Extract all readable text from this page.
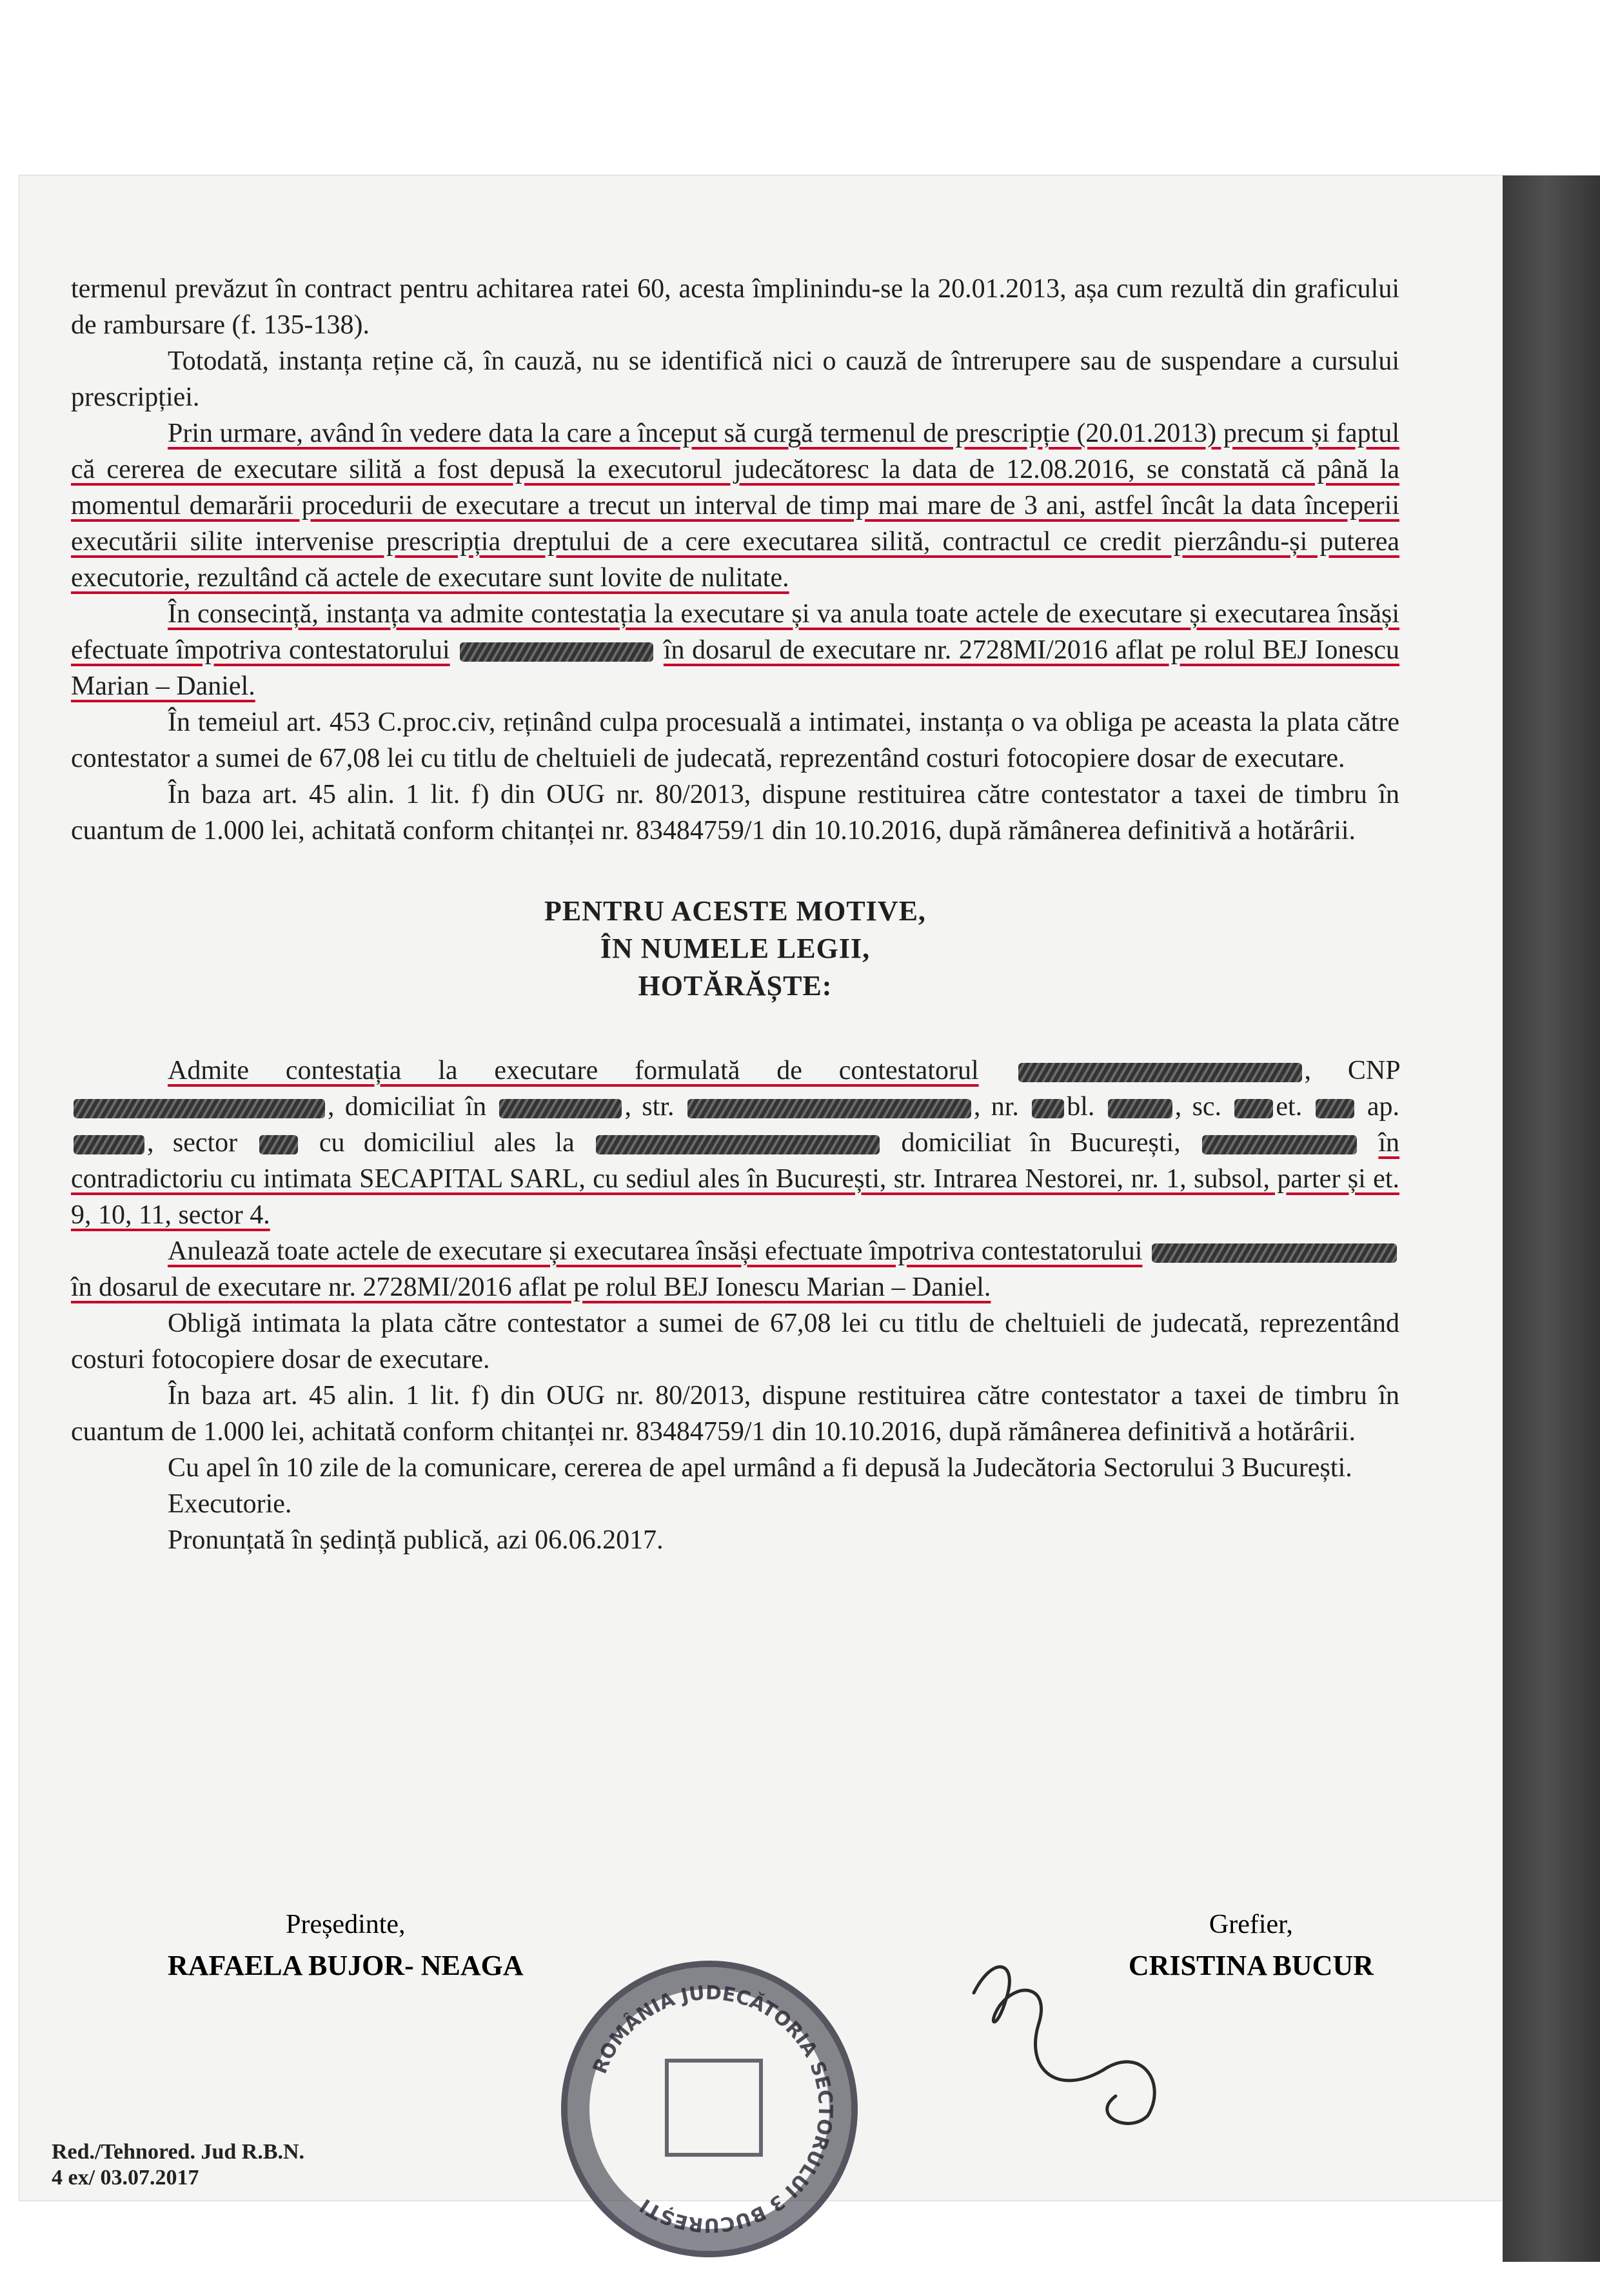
termenul prevăzut în contract pentru achitarea ratei 60, acesta împlinindu-se la 20.01.2013, așa cum rezultă din graficului de rambursare (f. 135-138).

Totodată, instanța reține că, în cauză, nu se identifică nici o cauză de întrerupere sau de suspendare a cursului prescripției.

Prin urmare, având în vedere data la care a început să curgă termenul de prescripție (20.01.2013) precum și faptul că cererea de executare silită a fost depusă la executorul judecătoresc la data de 12.08.2016, se constată că până la momentul demarării procedurii de executare a trecut un interval de timp mai mare de 3 ani, astfel încât la data începerii executării silite intervenise prescripția dreptului de a cere executarea silită, contractul ce credit pierzându-și puterea executorie, rezultând că actele de executare sunt lovite de nulitate.

În consecință, instanța va admite contestația la executare și va anula toate actele de executare și executarea însăși efectuate împotriva contestatorului	în dosarul de executare nr. 2728MI/2016 aflat pe rolul BEJ Ionescu Marian – Daniel.

În temeiul art. 453 C.proc.civ, reținând culpa procesuală a intimatei, instanța o va obliga pe aceasta la plata către contestator a sumei de 67,08 lei cu titlu de cheltuieli de judecată, reprezentând costuri fotocopiere dosar de executare.

În baza art. 45 alin. 1 lit. f) din OUG nr. 80/2013, dispune restituirea către contestator a taxei de timbru în cuantum de 1.000 lei, achitată conform chitanței nr. 83484759/1 din 10.10.2016, după rămânerea definitivă a hotărârii.

PENTRU ACESTE MOTIVE,
ÎN NUMELE LEGII,
HOTĂRĂȘTE:

Admite contestația la executare formulată de contestatorul	, CNP , domiciliat în	, str.	, nr. bl.	, sc. et. ap. , sector	cu domiciliul ales la	domiciliat în București,	în contradictoriu cu intimata SECAPITAL SARL, cu sediul ales în București, str. Intrarea Nestorei, nr. 1, subsol, parter și et. 9, 10, 11, sector 4.

Anulează toate actele de executare și executarea însăși efectuate împotriva contestatorului  în dosarul de executare nr. 2728MI/2016 aflat pe rolul BEJ Ionescu Marian – Daniel.

Obligă intimata la plata către contestator a sumei de 67,08 lei cu titlu de cheltuieli de judecată, reprezentând costuri fotocopiere dosar de executare.

În baza art. 45 alin. 1 lit. f) din OUG nr. 80/2013, dispune restituirea către contestator a taxei de timbru în cuantum de 1.000 lei, achitată conform chitanței nr. 83484759/1 din 10.10.2016, după rămânerea definitivă a hotărârii.

Cu apel în 10 zile de la comunicare, cererea de apel urmând a fi depusă la Judecătoria Sectorului 3 București.

Executorie.

Pronunțată în ședință publică, azi 06.06.2017.

Președinte,
RAFAELA BUJOR- NEAGA
Grefier,
CRISTINA BUCUR
ROMÂNIA JUDECĂTORIA SECTORULUI 3 BUCUREȘTI
Red./Tehnored. Jud R.B.N.
4 ex/ 03.07.2017
